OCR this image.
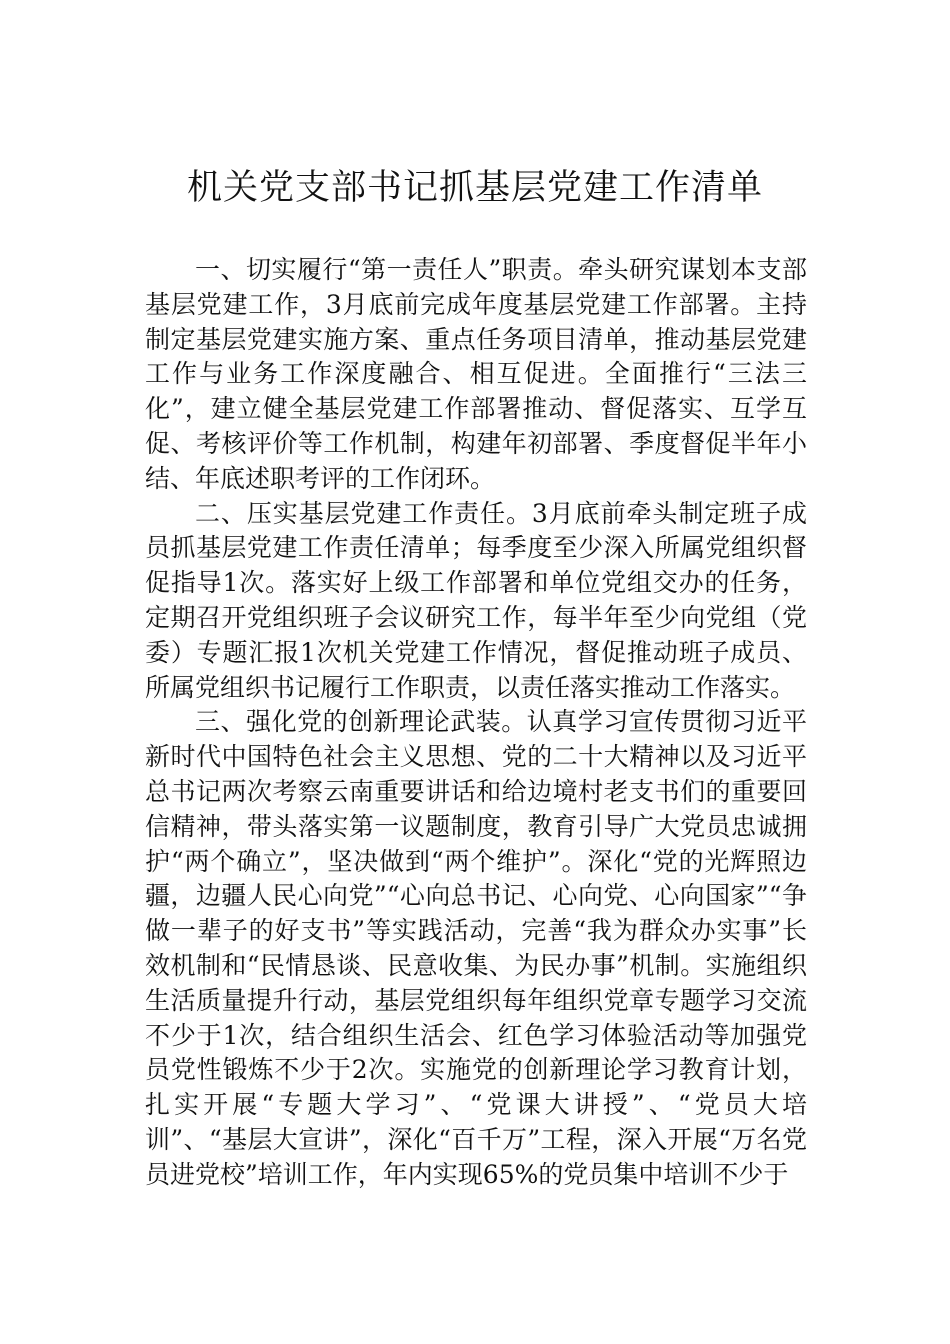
机关党支部书记抓基层党建工作清单

一、切实履行“第一责任人”职责。牵头研究谋划本支部基层党建工作，3月底前完成年度基层党建工作部署。主持制定基层党建实施方案、重点任务项目清单，推动基层党建工作与业务工作深度融合、相互促进。全面推行“三法三化”，建立健全基层党建工作部署推动、督促落实、互学互促、考核评价等工作机制，构建年初部署、季度督促半年小结、年底述职考评的工作闭环。

二、压实基层党建工作责任。3月底前牵头制定班子成员抓基层党建工作责任清单；每季度至少深入所属党组织督促指导1次。落实好上级工作部署和单位党组交办的任务，定期召开党组织班子会议研究工作，每半年至少向党组（党委）专题汇报1次机关党建工作情况，督促推动班子成员、所属党组织书记履行工作职责，以责任落实推动工作落实。

三、强化党的创新理论武装。认真学习宣传贯彻习近平新时代中国特色社会主义思想、党的二十大精神以及习近平总书记两次考察云南重要讲话和给边境村老支书们的重要回信精神，带头落实第一议题制度，教育引导广大党员忠诚拥护“两个确立”，坚决做到“两个维护”。深化“党的光辉照边疆，边疆人民心向党”“心向总书记、心向党、心向国家”“争做一辈子的好支书”等实践活动，完善“我为群众办实事”长效机制和“民情恳谈、民意收集、为民办事”机制。实施组织生活质量提升行动，基层党组织每年组织党章专题学习交流不少于1次，结合组织生活会、红色学习体验活动等加强党员党性锻炼不少于2次。实施党的创新理论学习教育计划，扎实开展“专题大学习”、“党课大讲授”、“党员大培训”、“基层大宣讲”，深化“百千万”工程，深入开展“万名党员进党校”培训工作，年内实现65%的党员集中培训不少于
